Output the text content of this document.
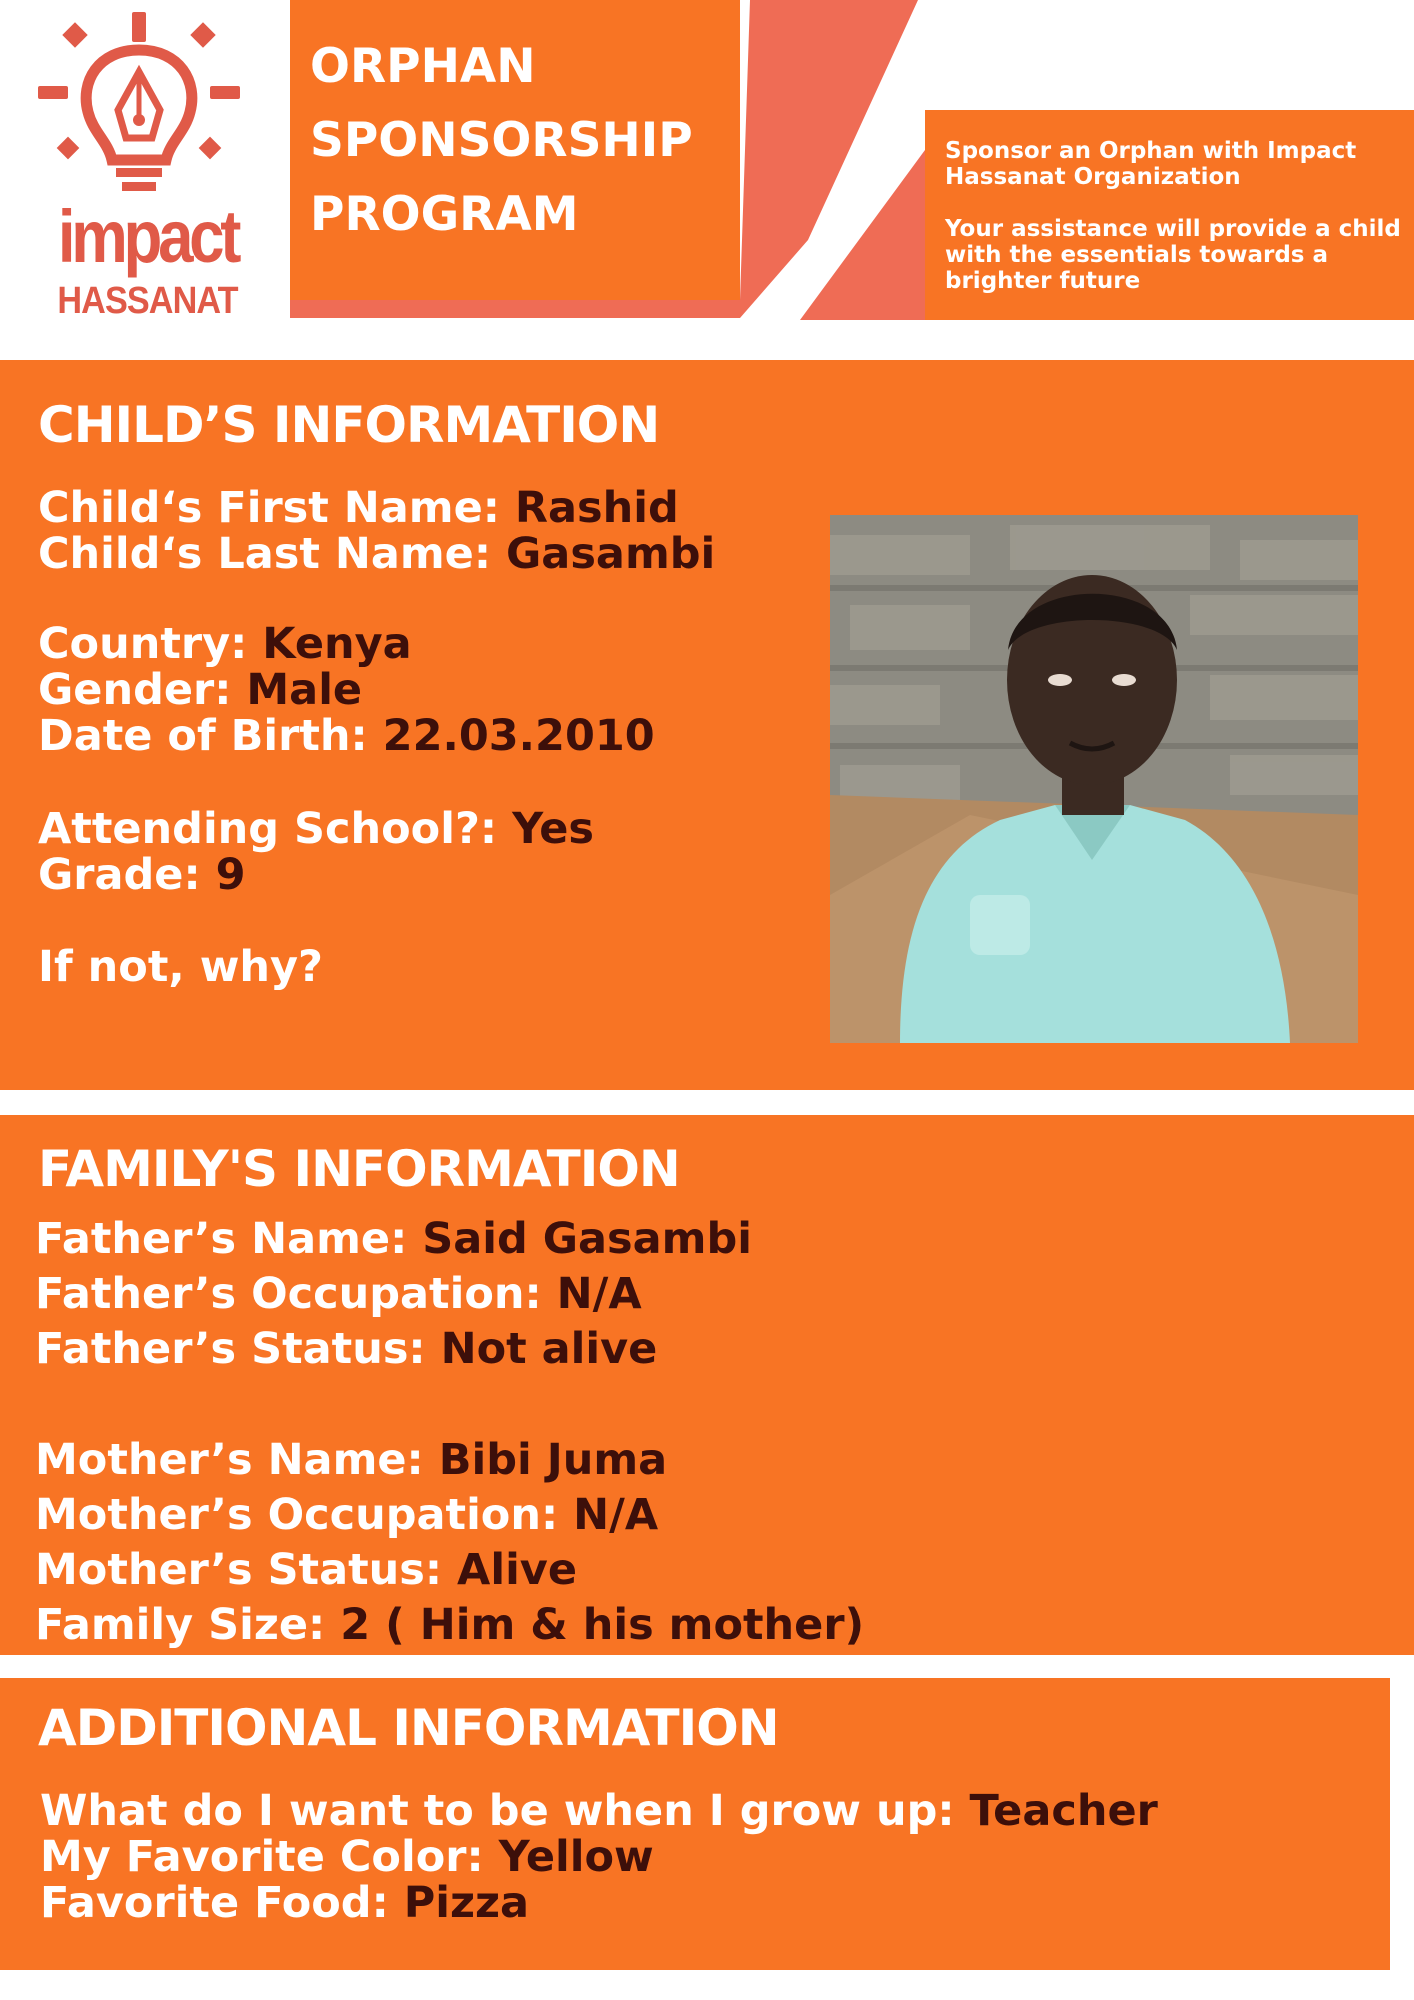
impact
HASSANAT
ORPHAN
SPONSORSHIP
PROGRAM

Sponsor an Orphan with Impact Hassanat Organization

Your assistance will provide a child with the essentials towards a brighter future

CHILD’S INFORMATION
Child‘s First Name: Rashid
Child‘s Last Name: Gasambi
Country: Kenya
Gender: Male
Date of Birth: 22.03.2010
Attending School?: Yes
Grade: 9
If not, why?
FAMILY'S INFORMATION
Father’s Name: Said Gasambi
Father’s Occupation: N/A
Father’s Status: Not alive
Mother’s Name: Bibi Juma
Mother’s Occupation: N/A
Mother’s Status: Alive
Family Size: 2 ( Him & his mother)
ADDITIONAL INFORMATION
What do I want to be when I grow up: Teacher
My Favorite Color: Yellow
Favorite Food: Pizza
